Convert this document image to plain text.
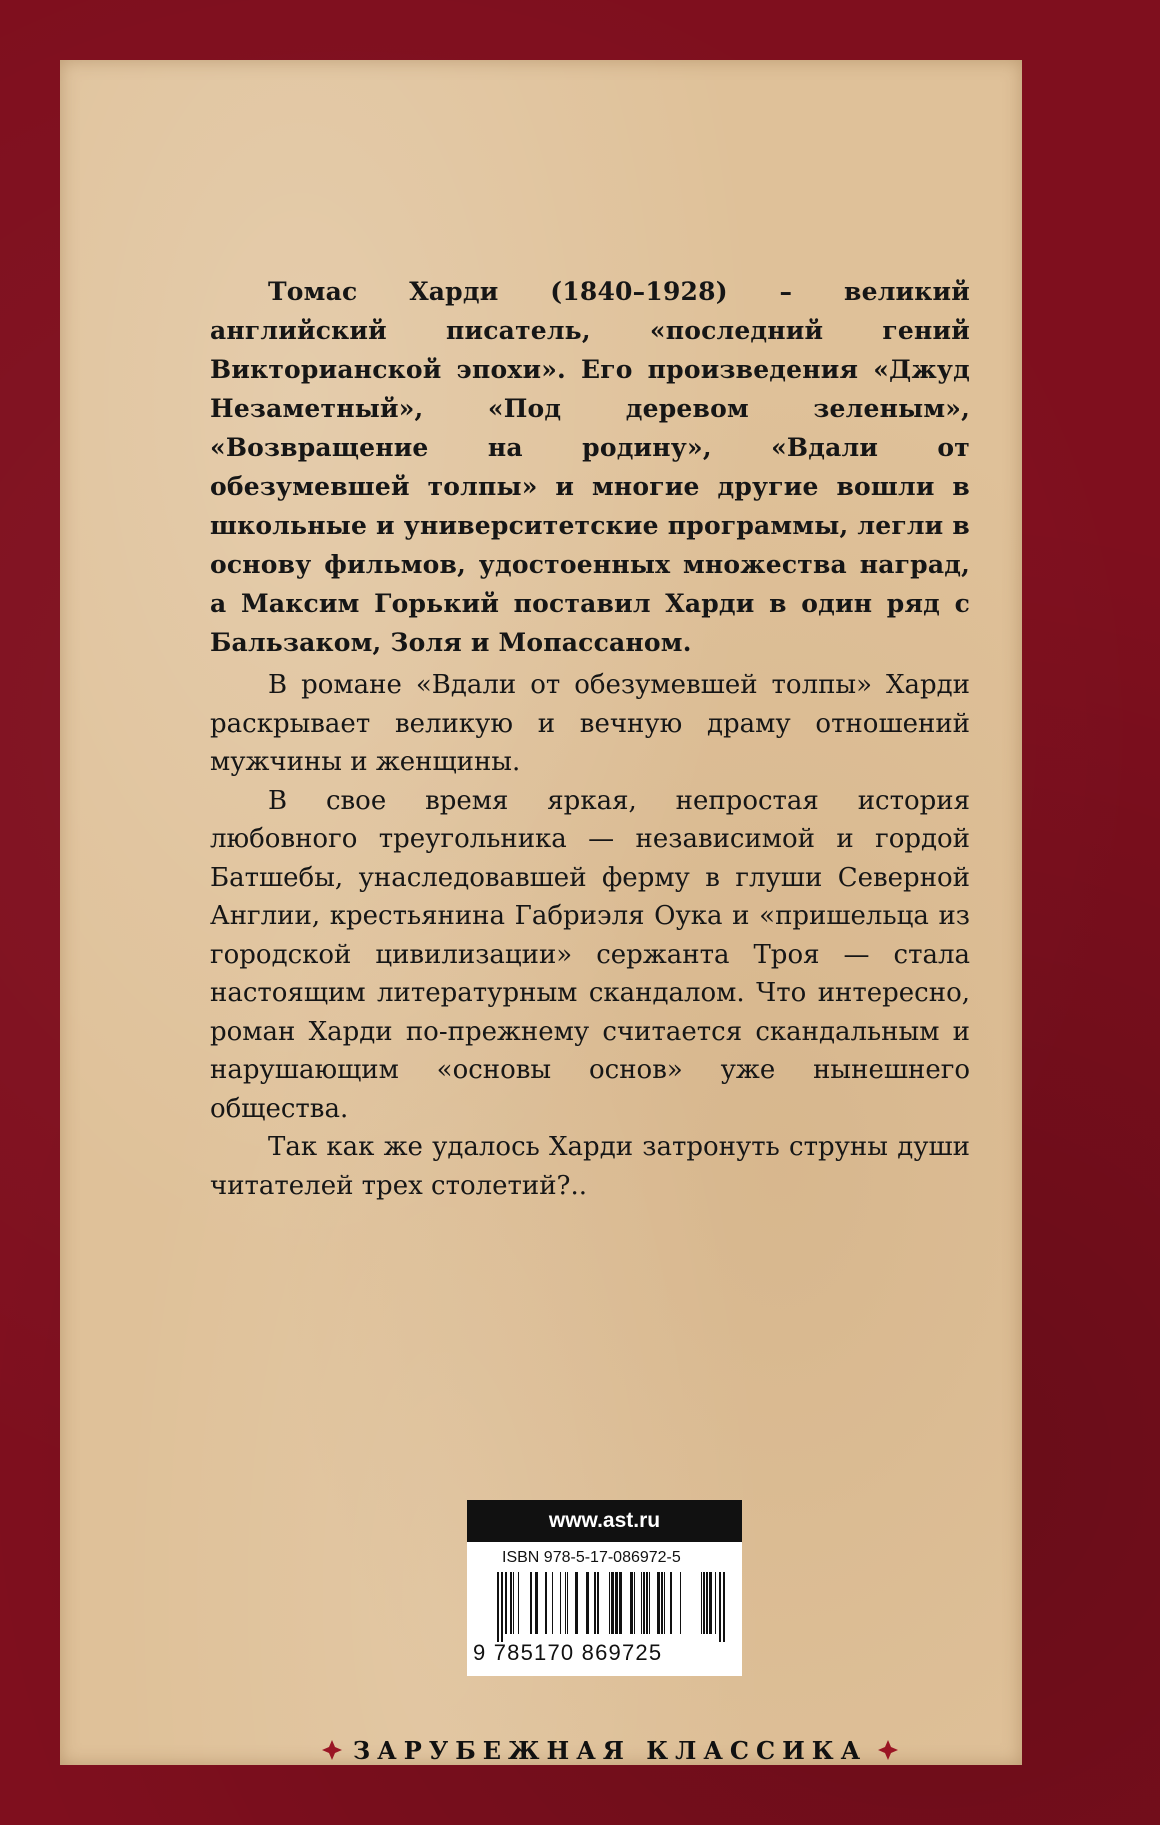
Томас Харди (1840–1928) – великий английский писатель, «последний гений Викторианской эпохи». Его произведения «Джуд Незаметный», «Под деревом зеленым», «Возвращение на родину», «Вдали от обезумевшей толпы» и многие другие вошли в школьные и университетские программы, легли в основу фильмов, удостоенных множества наград, а Максим Горький поставил Харди в один ряд с Бальзаком, Золя и Мопассаном.

В романе «Вдали от обезумевшей толпы» Харди раскрывает великую и вечную драму отношений мужчины и женщины.

В свое время яркая, непростая история любовного треугольника — независимой и гордой Батшебы, унаследовавшей ферму в глуши Северной Англии, крестьянина Габриэля Оука и «пришельца из городской цивилизации» сержанта Троя — стала настоящим литературным скандалом. Что интересно, роман Харди по-прежнему считается скандальным и нарушающим «основы основ» уже нынешнего общества.

Так как же удалось Харди затронуть струны души читателей трех столетий?..

www.ast.ru
ISBN 978-5-17-086972-5
9 785170 869725
ЗАРУБЕЖНАЯ КЛАССИКА
